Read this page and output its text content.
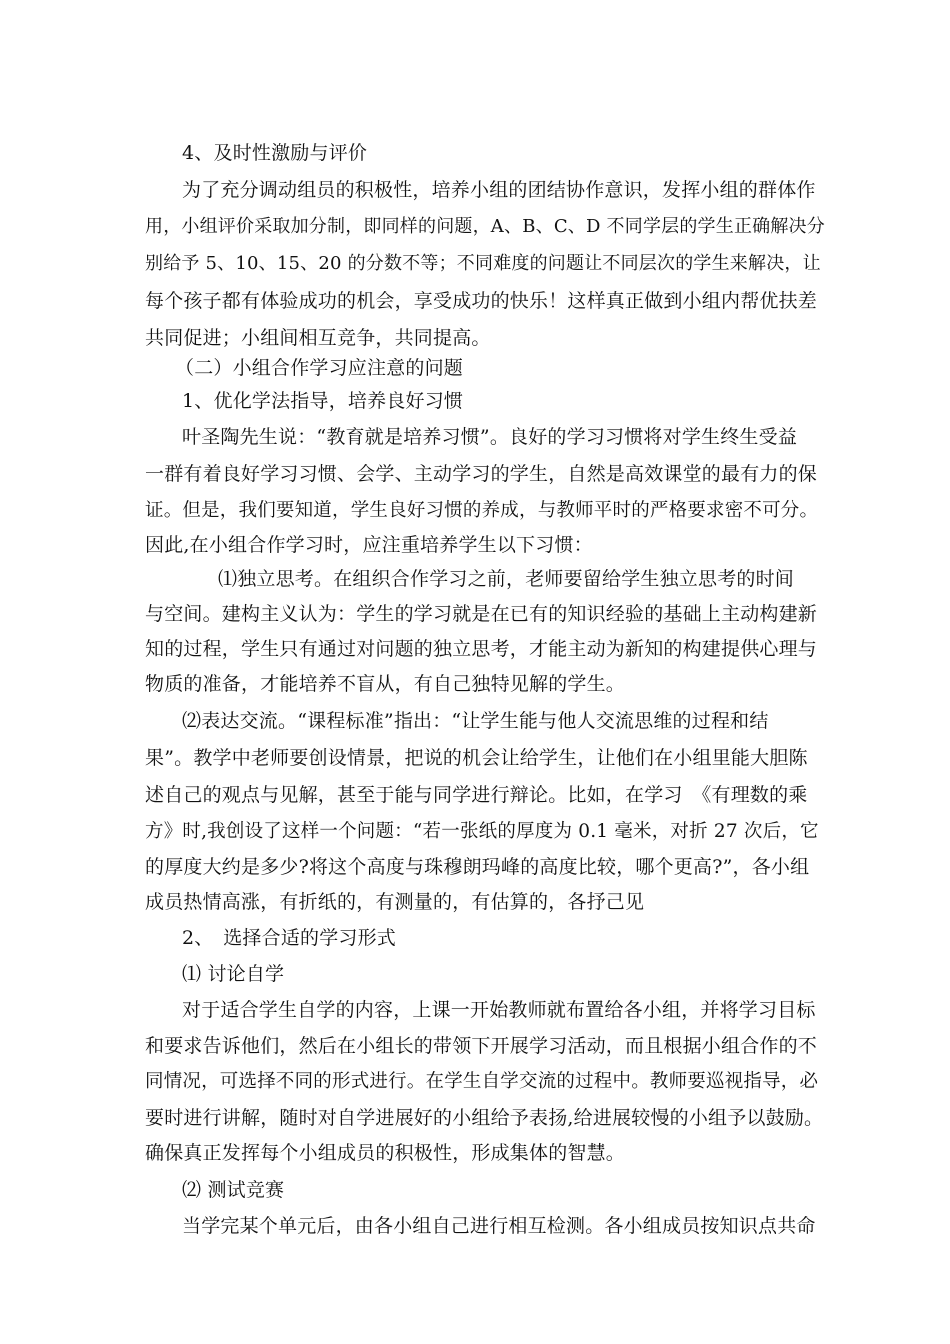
4、及时性激励与评价
为了充分调动组员的积极性，培养小组的团结协作意识，发挥小组的群体作
用，小组评价采取加分制，即同样的问题，A、B、C、D 不同学层的学生正确解决分
别给予 5、10、15、20 的分数不等；不同难度的问题让不同层次的学生来解决，让
每个孩子都有体验成功的机会，享受成功的快乐！这样真正做到小组内帮优扶差
共同促进；小组间相互竞争，共同提高。
（二）小组合作学习应注意的问题
1、优化学法指导，培养良好习惯
叶圣陶先生说：“教育就是培养习惯”。良好的学习习惯将对学生终生受益
一群有着良好学习习惯、会学、主动学习的学生，自然是高效课堂的最有力的保
证。但是，我们要知道，学生良好习惯的养成，与教师平时的严格要求密不可分。
因此,在小组合作学习时，应注重培养学生以下习惯：
⑴独立思考。在组织合作学习之前，老师要留给学生独立思考的时间
与空间。建构主义认为：学生的学习就是在已有的知识经验的基础上主动构建新
知的过程，学生只有通过对问题的独立思考，才能主动为新知的构建提供心理与
物质的准备，才能培养不盲从，有自己独特见解的学生。
⑵表达交流。“课程标准”指出：“让学生能与他人交流思维的过程和结
果”。教学中老师要创设情景，把说的机会让给学生，让他们在小组里能大胆陈
述自己的观点与见解，甚至于能与同学进行辩论。比如，在学习　《有理数的乘
方》时,我创设了这样一个问题：“若一张纸的厚度为 0.1 毫米，对折 27 次后，它
的厚度大约是多少?将这个高度与珠穆朗玛峰的高度比较，哪个更高?”，各小组
成员热情高涨，有折纸的，有测量的，有估算的，各抒己见
2、　选择合适的学习形式
⑴ 讨论自学
对于适合学生自学的内容，上课一开始教师就布置给各小组，并将学习目标
和要求告诉他们，然后在小组长的带领下开展学习活动，而且根据小组合作的不
同情况，可选择不同的形式进行。在学生自学交流的过程中。教师要巡视指导，必
要时进行讲解，随时对自学进展好的小组给予表扬,给进展较慢的小组予以鼓励。
确保真正发挥每个小组成员的积极性，形成集体的智慧。
⑵ 测试竞赛
当学完某个单元后，由各小组自己进行相互检测。各小组成员按知识点共命
